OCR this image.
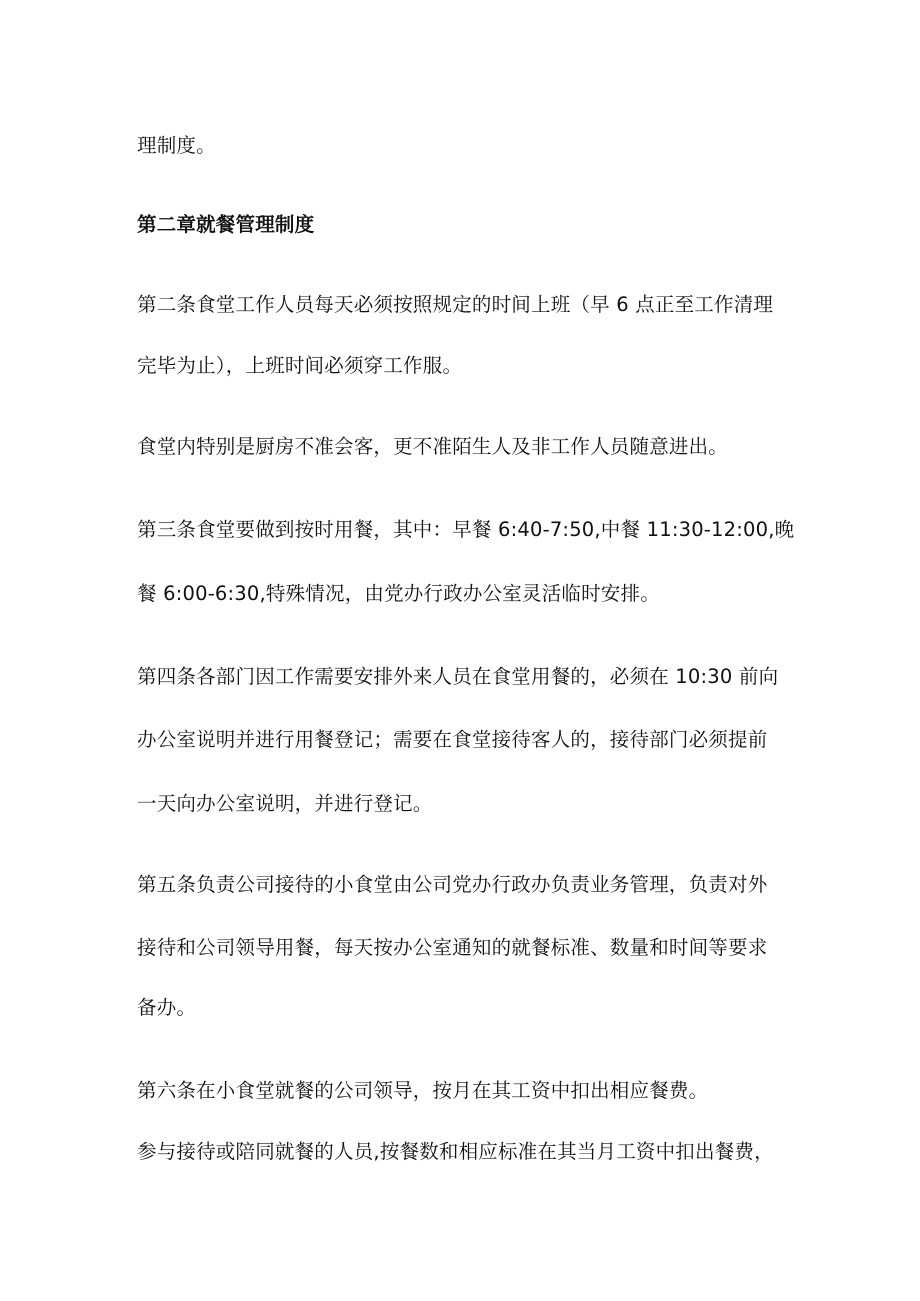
理制度。
第二章就餐管理制度
第二条食堂工作人员每天必须按照规定的时间上班（早 6 点正至工作清理
完毕为止），上班时间必须穿工作服。
食堂内特别是厨房不准会客，更不准陌生人及非工作人员随意进出。
第三条食堂要做到按时用餐，其中：早餐 6:40-7:50,中餐 11:30-12:00,晚
餐 6:00-6:30,特殊情况，由党办行政办公室灵活临时安排。
第四条各部门因工作需要安排外来人员在食堂用餐的，必须在 10:30 前向
办公室说明并进行用餐登记；需要在食堂接待客人的，接待部门必须提前
一天向办公室说明，并进行登记。
第五条负责公司接待的小食堂由公司党办行政办负责业务管理，负责对外
接待和公司领导用餐，每天按办公室通知的就餐标准、数量和时间等要求
备办。
第六条在小食堂就餐的公司领导，按月在其工资中扣出相应餐费。
参与接待或陪同就餐的人员,按餐数和相应标准在其当月工资中扣出餐费，
